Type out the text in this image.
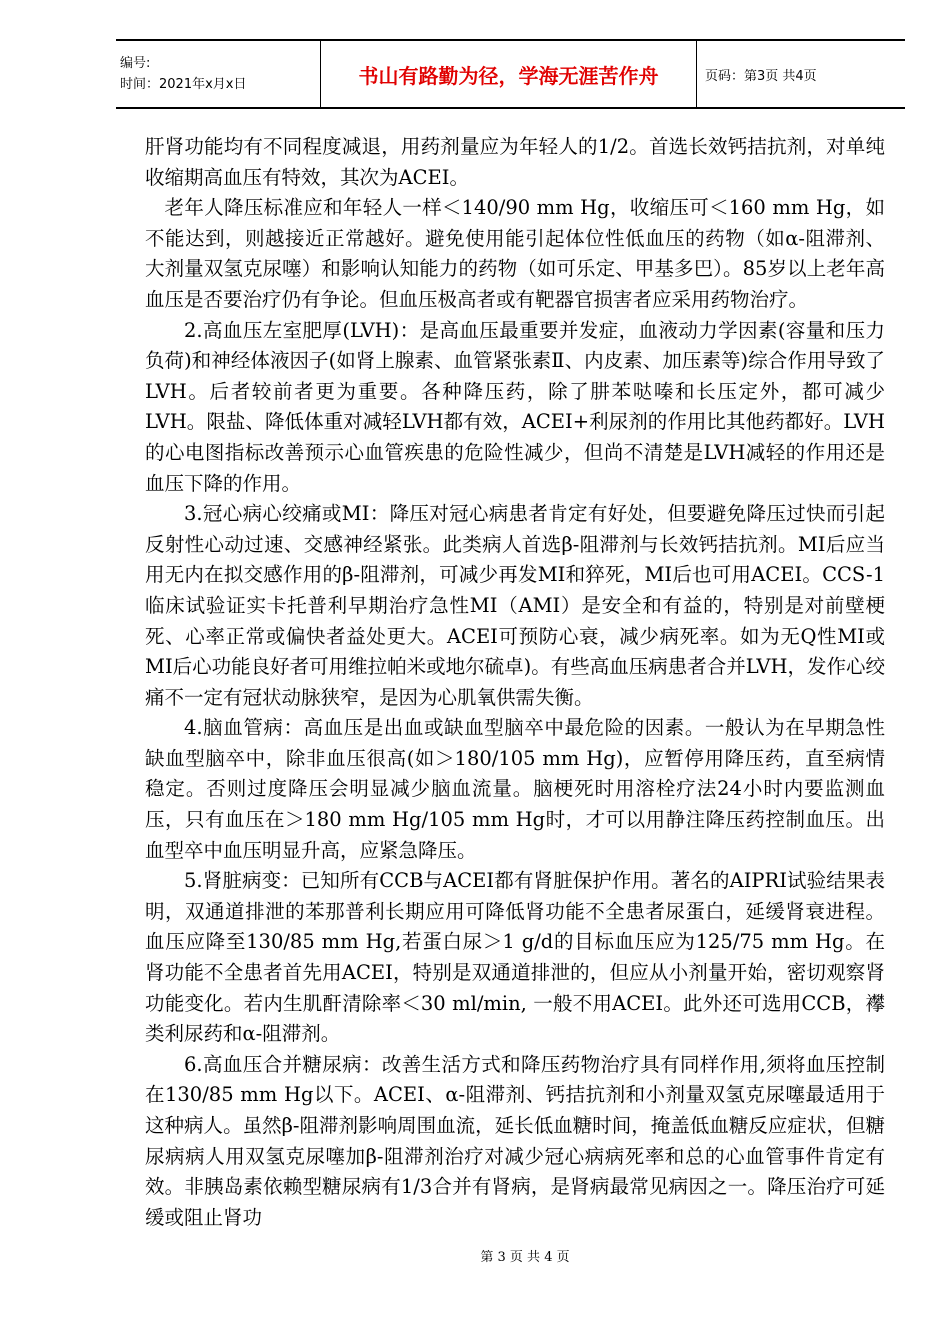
编号:
时间：2021年x月x日	书山有路勤为径，学海无涯苦作舟	页码：第3页 共4页

肝肾功能均有不同程度减退，用药剂量应为年轻人的1/2。首选长效钙拮抗剂，对单纯收缩期高血压有特效，其次为ACEI。

老年人降压标准应和年轻人一样＜140/90 mm Hg，收缩压可＜160 mm Hg，如不能达到，则越接近正常越好。避免使用能引起体位性低血压的药物（如α-阻滞剂、大剂量双氢克尿噻）和影响认知能力的药物（如可乐定、甲基多巴）。85岁以上老年高血压是否要治疗仍有争论。但血压极高者或有靶器官损害者应采用药物治疗。

2.高血压左室肥厚(LVH)：是高血压最重要并发症，血液动力学因素(容量和压力负荷)和神经体液因子(如肾上腺素、血管紧张素Ⅱ、内皮素、加压素等)综合作用导致了LVH。后者较前者更为重要。各种降压药，除了肼苯哒嗪和长压定外，都可减少LVH。限盐、降低体重对减轻LVH都有效，ACEI+利尿剂的作用比其他药都好。LVH的心电图指标改善预示心血管疾患的危险性减少，但尚不清楚是LVH减轻的作用还是血压下降的作用。

3.冠心病心绞痛或MI：降压对冠心病患者肯定有好处，但要避免降压过快而引起反射性心动过速、交感神经紧张。此类病人首选β-阻滞剂与长效钙拮抗剂。MI后应当用无内在拟交感作用的β-阻滞剂，可减少再发MI和猝死，MI后也可用ACEI。CCS-1临床试验证实卡托普利早期治疗急性MI（AMI）是安全和有益的，特别是对前壁梗死、心率正常或偏快者益处更大。ACEI可预防心衰，减少病死率。如为无Q性MI或MI后心功能良好者可用维拉帕米或地尔硫卓)。有些高血压病患者合并LVH，发作心绞痛不一定有冠状动脉狭窄，是因为心肌氧供需失衡。

4.脑血管病：高血压是出血或缺血型脑卒中最危险的因素。一般认为在早期急性缺血型脑卒中，除非血压很高(如＞180/105 mm Hg)，应暂停用降压药，直至病情稳定。否则过度降压会明显减少脑血流量。脑梗死时用溶栓疗法24小时内要监测血压，只有血压在＞180 mm Hg/105 mm Hg时，才可以用静注降压药控制血压。出血型卒中血压明显升高，应紧急降压。

5.肾脏病变：已知所有CCB与ACEI都有肾脏保护作用。著名的AIPRI试验结果表明，双通道排泄的苯那普利长期应用可降低肾功能不全患者尿蛋白，延缓肾衰进程。血压应降至130/85 mm Hg,若蛋白尿＞1 g/d的目标血压应为125/75 mm Hg。在肾功能不全患者首先用ACEI，特别是双通道排泄的，但应从小剂量开始，密切观察肾功能变化。若内生肌酐清除率＜30 ml/min, 一般不用ACEI。此外还可选用CCB，襻类利尿药和α-阻滞剂。

6.高血压合并糖尿病：改善生活方式和降压药物治疗具有同样作用,须将血压控制在130/85 mm Hg以下。ACEI、α-阻滞剂、钙拮抗剂和小剂量双氢克尿噻最适用于这种病人。虽然β-阻滞剂影响周围血流，延长低血糖时间，掩盖低血糖反应症状，但糖尿病病人用双氢克尿噻加β-阻滞剂治疗对减少冠心病病死率和总的心血管事件肯定有效。非胰岛素依赖型糖尿病有1/3合并有肾病，是肾病最常见病因之一。降压治疗可延缓或阻止肾功

第 3 页 共 4 页
